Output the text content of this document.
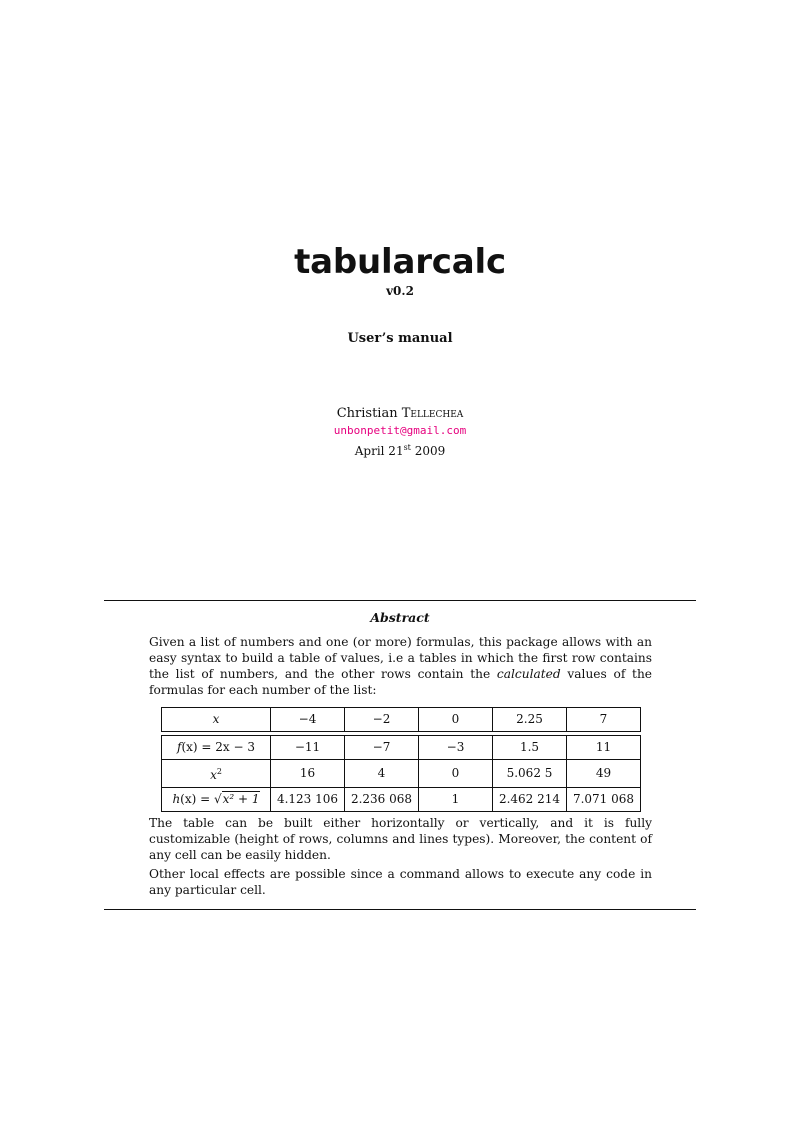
tabularcalc
v0.2
User’s manual
Christian Tellechea
unbonpetit@gmail.com
April 21st 2009
Abstract
Given a list of numbers and one (or more) formulas, this package allows with an easy syntax to build a table of values, i.e a tables in which the first row contains the list of numbers, and the other rows contain the calculated values of the formulas for each number of the list:
x	−4	−2	0	2.25	7

f(x) = 2x − 3	−11	−7	−3	1.5	11
$x^2$	16	4	0	5.062 5	49
h(x) = √x² + 1	4.123 106	2.236 068	1	2.462 214	7.071 068
The table can be built either horizontally or vertically, and it is fully customizable (height of rows, columns and lines types). Moreover, the content of any cell can be easily hidden.
Other local effects are possible since a command allows to execute any code in any particular cell.
